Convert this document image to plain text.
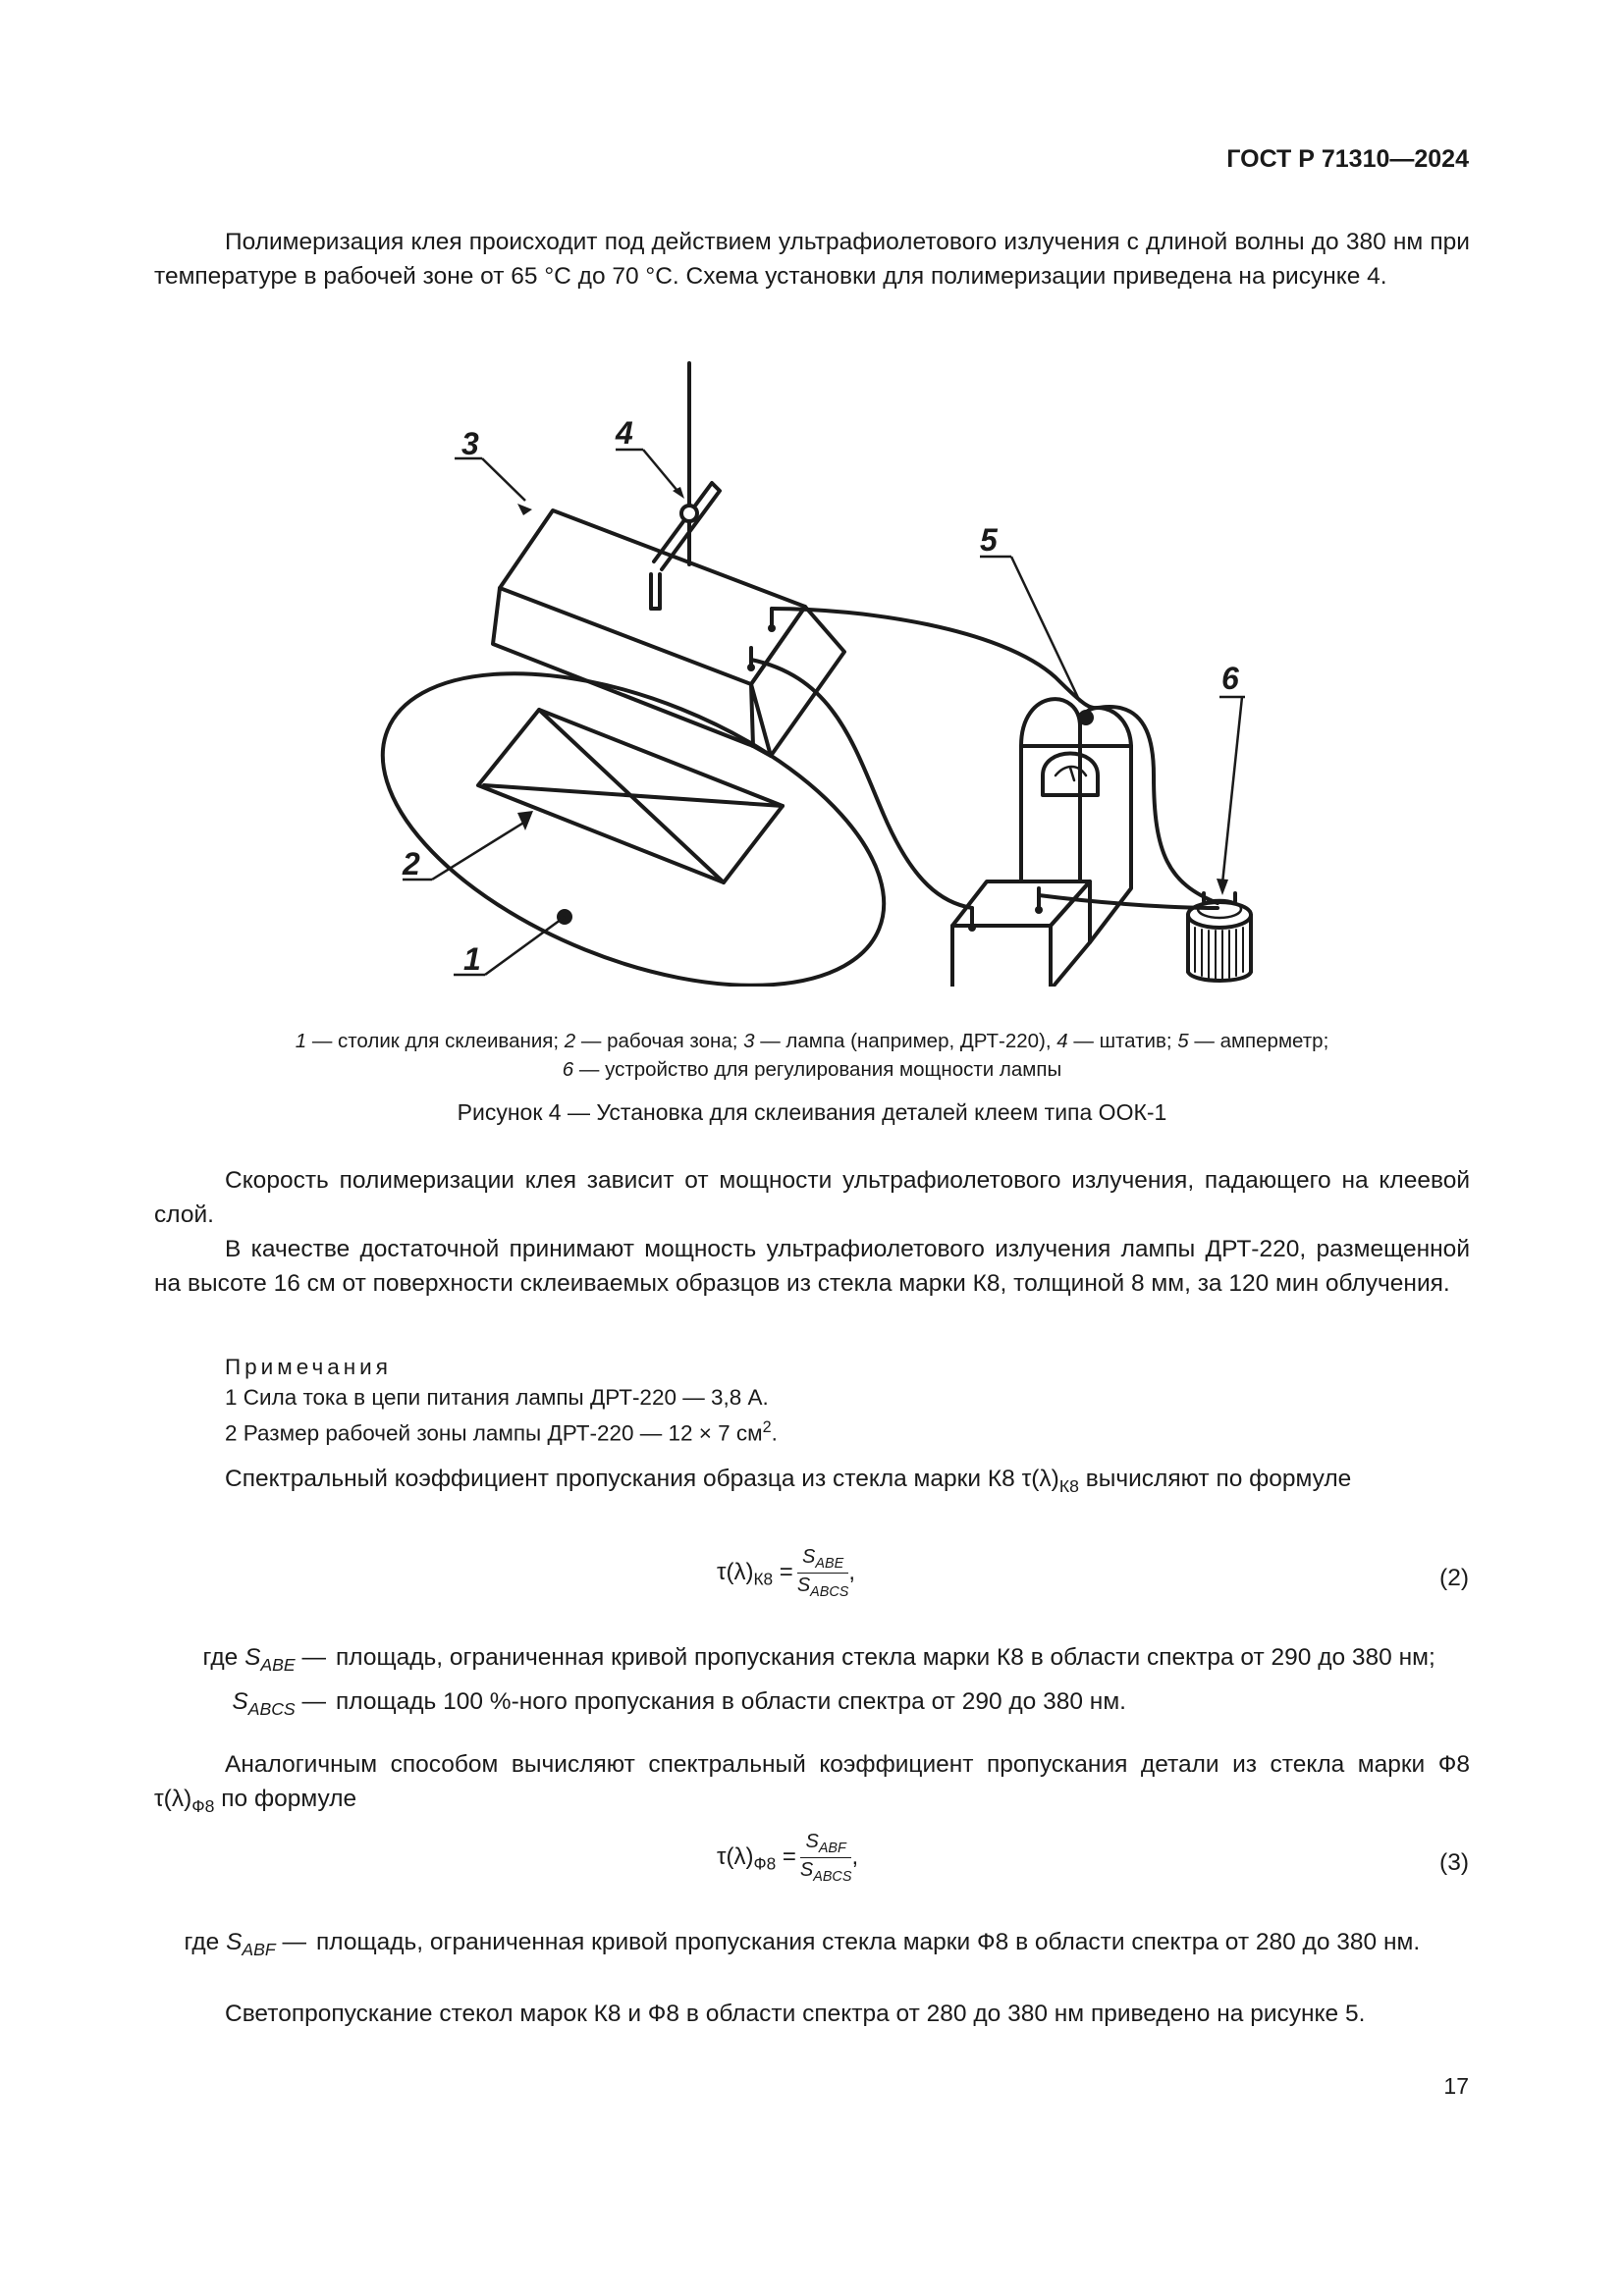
ГОСТ Р 71310—2024
Полимеризация клея происходит под действием ультрафиолетового излучения с длиной волны до 380 нм при температуре в рабочей зоне от 65 °С до 70 °С. Схема установки для полимеризации приведена на рисунке 4.
1
2
3	4
5
6
1 — столик для склеивания; 2 — рабочая зона; 3 — лампа (например, ДРТ-220), 4 — штатив; 5 — амперметр;
6 — устройство для регулирования мощности лампы
Рисунок 4 — Установка для склеивания деталей клеем типа ООК-1
Скорость полимеризации клея зависит от мощности ультрафиолетового излучения, падающего на клеевой слой.
В качестве достаточной принимают мощность ультрафиолетового излучения лампы ДРТ-220, размещенной на высоте 16 см от поверхности склеиваемых образцов из стекла марки К8, толщиной 8 мм, за 120 мин облучения.
Примечания
1 Сила тока в цепи питания лампы ДРТ-220 — 3,8 А.
2 Размер рабочей зоны лампы ДРТ-220 — 12 × 7 $см^2$.
Спектральный коэффициент пропускания образца из стекла марки К8 $\tau(\lambda)_{К8}$ вычисляют по формуле
$\tau(\lambda)_{К8} = \frac{S_{ABE}}{S_{ABCS}}$ ,	(2)
где $S_{ABE}$ — площадь, ограниченная кривой пропускания стекла марки К8 в области спектра от 290 до 380 нм;
$S_{ABCS}$ — площадь 100 %-ного пропускания в области спектра от 290 до 380 нм.
Аналогичным способом вычисляют спектральный коэффициент пропускания детали из стекла марки Ф8 $\tau(\lambda)_{Ф8}$ по формуле
$\tau(\lambda)_{Ф8} = \frac{S_{ABF}}{S_{ABCS}}$ ,	(3)
где $S_{ABF}$ — площадь, ограниченная кривой пропускания стекла марки Ф8 в области спектра от 280 до 380 нм.
Светопропускание стекол марок К8 и Ф8 в области спектра от 280 до 380 нм приведено на рисунке 5.
17
